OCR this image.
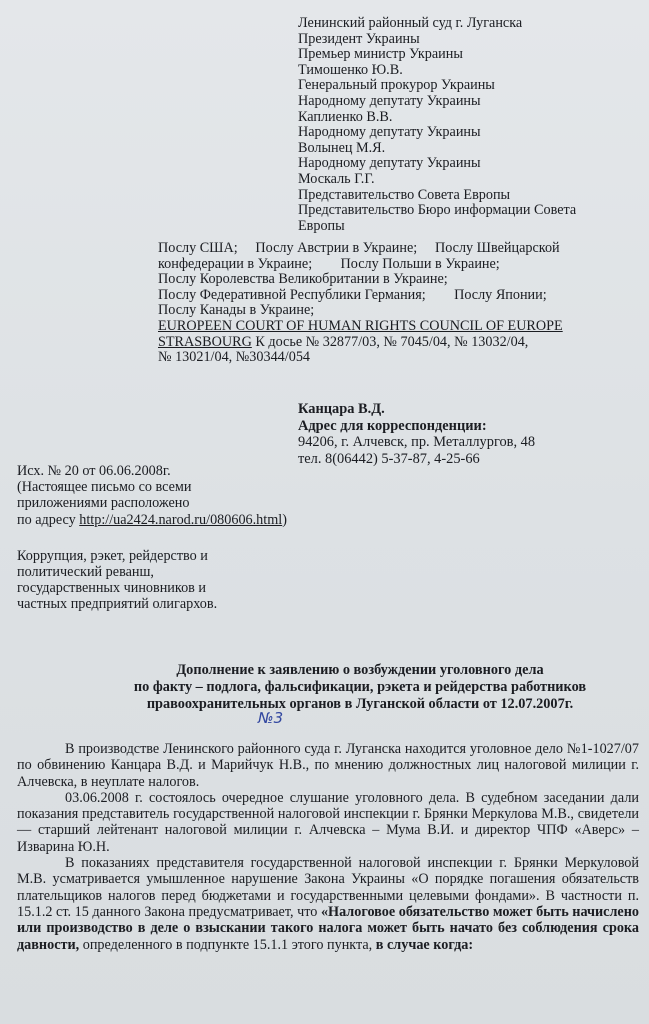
Ленинский районный суд г. Луганска
Президент Украины
Премьер министр Украины
Тимошенко Ю.В.
Генеральный прокурор Украины
Народному депутату Украины
Каплиенко В.В.
Народному депутату Украины
Волынец М.Я.
Народному депутату Украины
Москаль Г.Г.
Представительство Совета Европы
Представительство Бюро информации Совета
Европы
Послу США;     Послу Австрии в Украине;     Послу Швейцарской
конфедерации в Украине;        Послу Польши в Украине;
Послу Королевства Великобритании в Украине;
Послу Федеративной Республики Германия;        Послу Японии;
Послу Канады в Украине;
EUROPEEN COURT OF HUMAN RIGHTS COUNCIL OF EUROPE
STRASBOURG К досье № 32877/03, № 7045/04, № 13032/04,
№ 13021/04, №30344/054
Канцара В.Д.
Адрес для корреспонденции:
94206, г. Алчевск, пр. Металлургов, 48
тел. 8(06442) 5-37-87, 4-25-66
Исх. № 20 от 06.06.2008г.
(Настоящее письмо со всеми
приложениями расположено
по адресу http://ua2424.narod.ru/080606.html)
Коррупция, рэкет, рейдерство и
политический реванш,
государственных чиновников и
частных предприятий олигархов.
Дополнение к заявлению о возбуждении уголовного дела
по факту – подлога, фальсификации, рэкета и рейдерства работников
правоохранительных органов в Луганской области от 12.07.2007г.
№3

В производстве Ленинского районного суда г. Луганска находится уголовное дело №1-1027/07 по обвинению Канцара В.Д. и Марийчук Н.В., по мнению должностных лиц налоговой милиции г. Алчевска, в неуплате налогов.

03.06.2008 г. состоялось очередное слушание уголовного дела. В судебном заседании дали показания представитель государственной налоговой инспекции г. Брянки Меркулова М.В., свидетели — старший лейтенант налоговой милиции г. Алчевска – Мума В.И. и директор ЧПФ «Аверс» – Изварина Ю.Н.

В показаниях представителя государственной налоговой инспекции г. Брянки Меркуловой М.В. усматривается умышленное нарушение Закона Украины «О порядке погашения обязательств плательщиков налогов перед бюджетами и государственными целевыми фондами». В частности п. 15.1.2 ст. 15 данного Закона предусматривает, что «Налоговое обязательство может быть начислено или производство в деле о взыскании такого налога может быть начато без соблюдения срока давности, определенного в подпункте 15.1.1 этого пункта, в случае когда:
